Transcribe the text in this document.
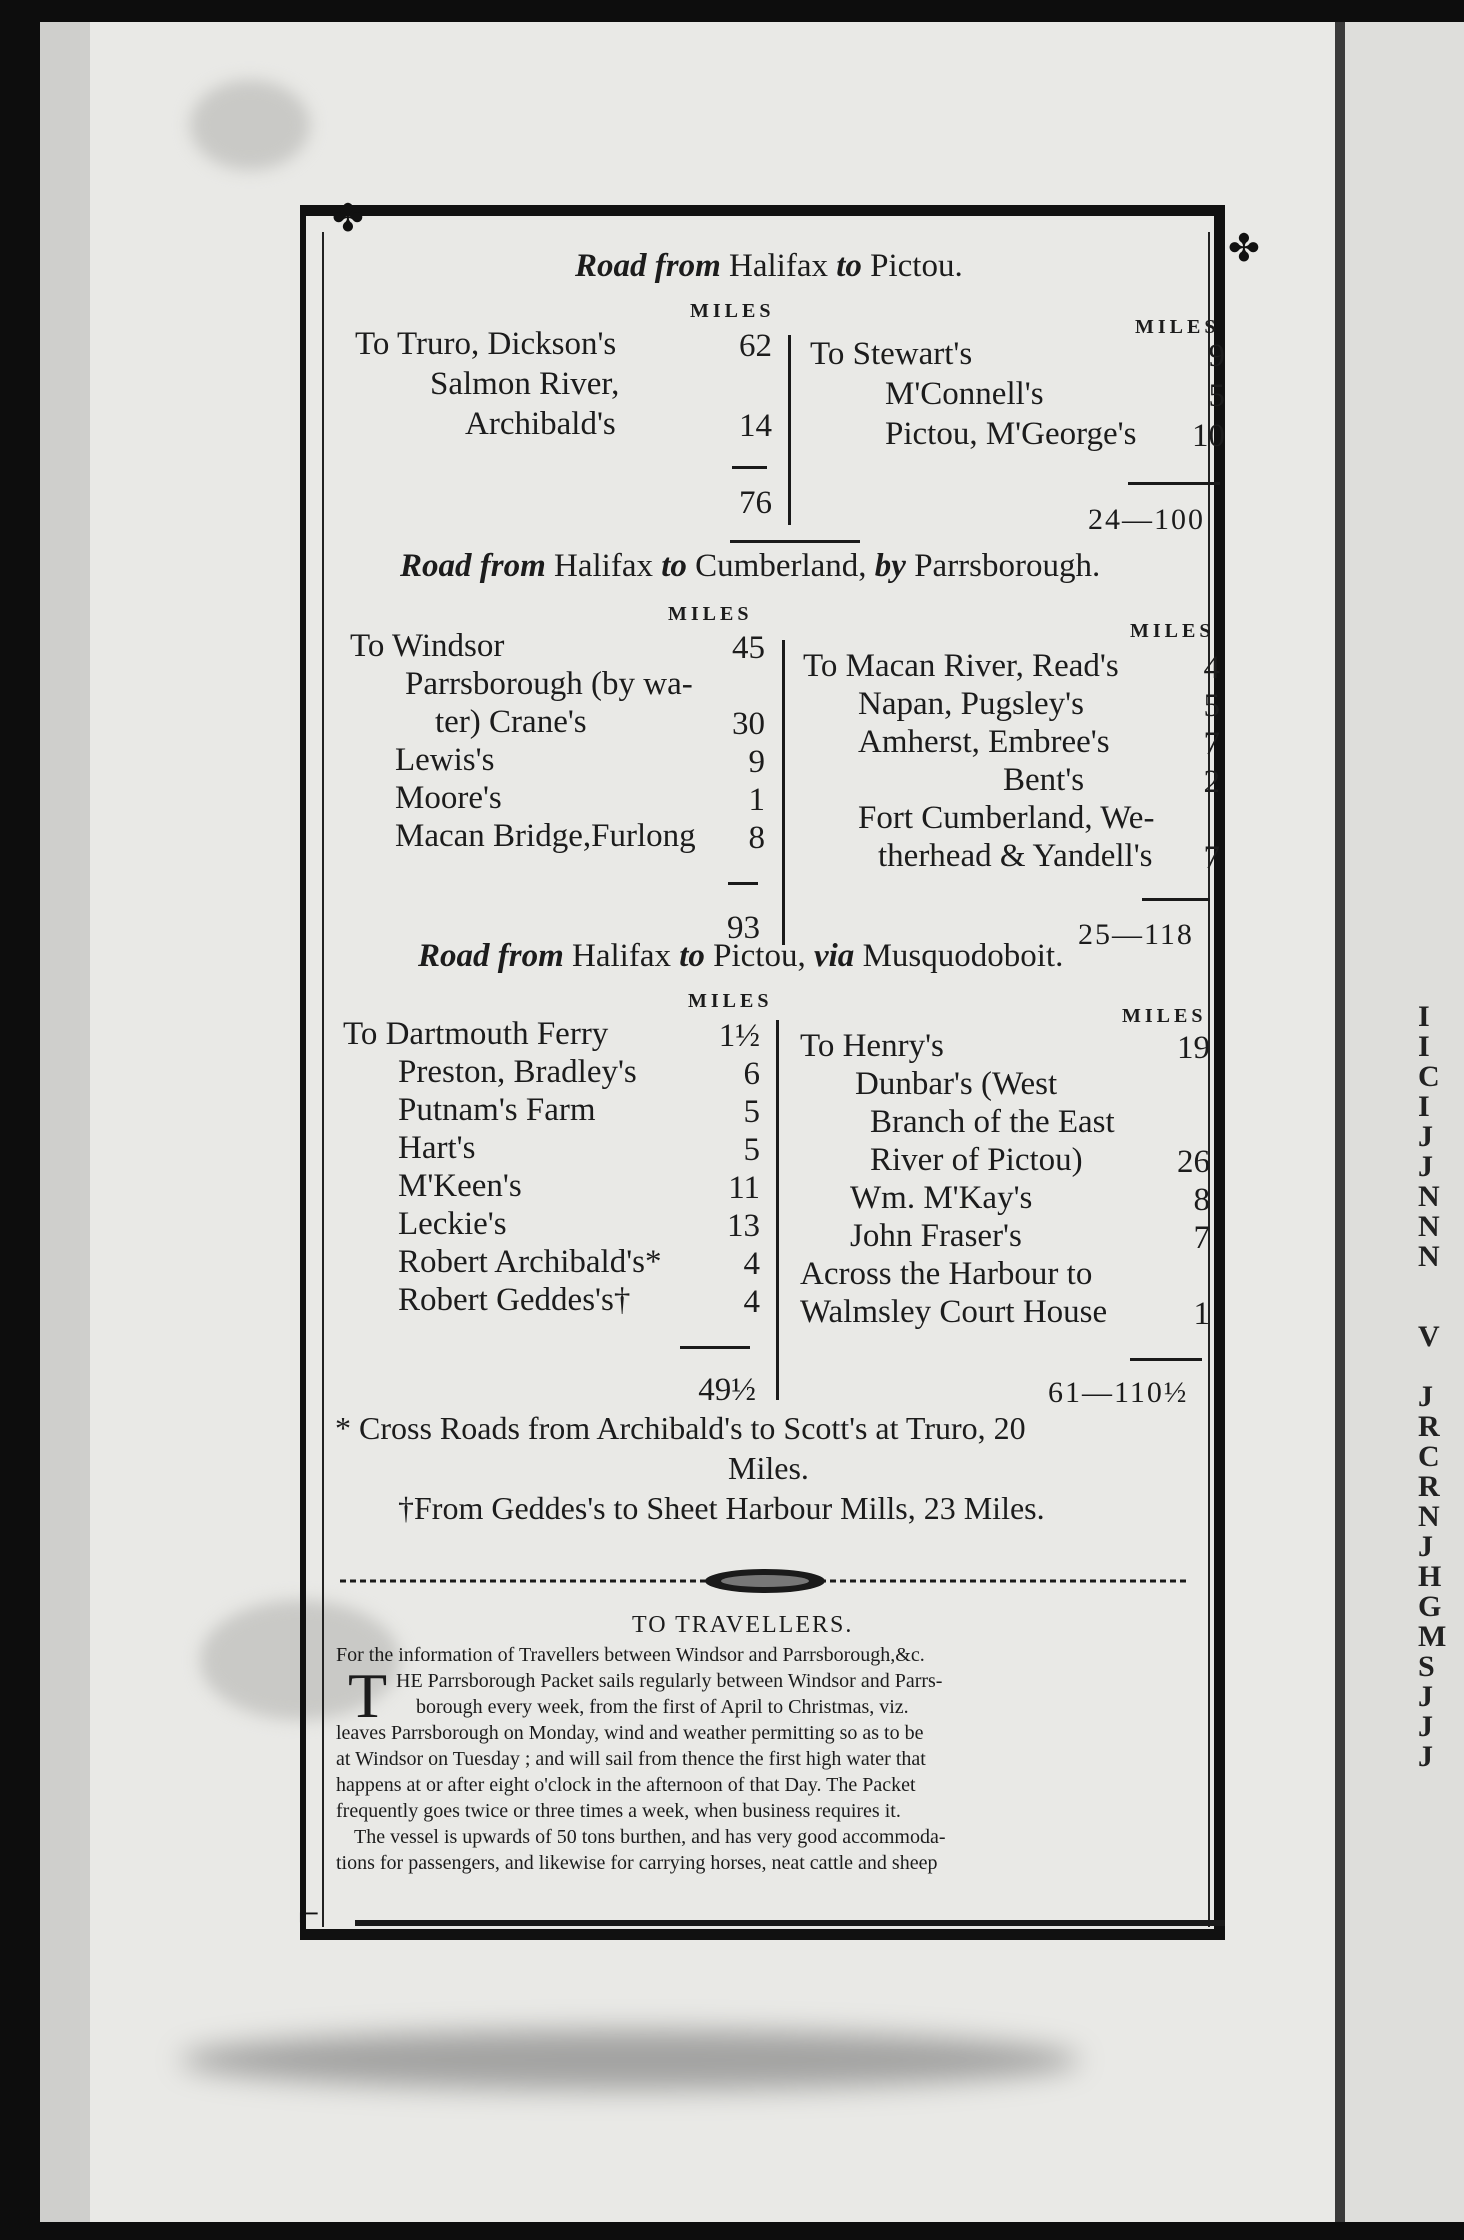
I
I
C
I
J
J
N
N
N
V
J
R
C
R
N
J
H
G
M
S
J
J
J
✤
✤
⌐
Road from Halifax to Pictou.
MILES
MILES
To Truro, Dickson's	62
Salmon River,
Archibald's	14
To Stewart's	9
M'Connell's	5
Pictou, M'George's	10
76	24—100
Road from Halifax to Cumberland, by Parrsborough.
MILES
MILES
To Windsor	45
Parrsborough (by wa-
ter) Crane's	30
Lewis's	9
Moore's	1
Macan Bridge,Furlong	8
To Macan River, Read's	4
Napan, Pugsley's	5
Amherst, Embree's	7
Bent's	2
Fort Cumberland, We-
therhead & Yandell's	7
93	25—118
Road from Halifax to Pictou, via Musquodoboit.
MILES
MILES
To Dartmouth Ferry	1½
Preston, Bradley's	6
Putnam's Farm	5
Hart's	5
M'Keen's	11
Leckie's	13
Robert Archibald's*	4
Robert Geddes's†	4
To Henry's	19
Dunbar's (West
Branch of the East
River of Pictou)	26
Wm. M'Kay's	8
John Fraser's	7
Across the Harbour to
Walmsley Court House	1
49½	61—110½
* Cross Roads from Archibald's to Scott's at Truro, 20
Miles.
†From Geddes's to Sheet Harbour Mills, 23 Miles.
TO TRAVELLERS.
T
For the information of Travellers between Windsor and Parrsborough,&c.
HE Parrsborough Packet sails regularly between Windsor and Parrs-
borough every week, from the first of April to Christmas, viz.
leaves Parrsborough on Monday, wind and weather permitting so as to be
at Windsor on Tuesday ; and will sail from thence the first high water that
happens at or after eight o'clock in the afternoon of that Day. The Packet
frequently goes twice or three times a week, when business requires it.
The vessel is upwards of 50 tons burthen, and has very good accommoda-
tions for passengers, and likewise for carrying horses, neat cattle and sheep
